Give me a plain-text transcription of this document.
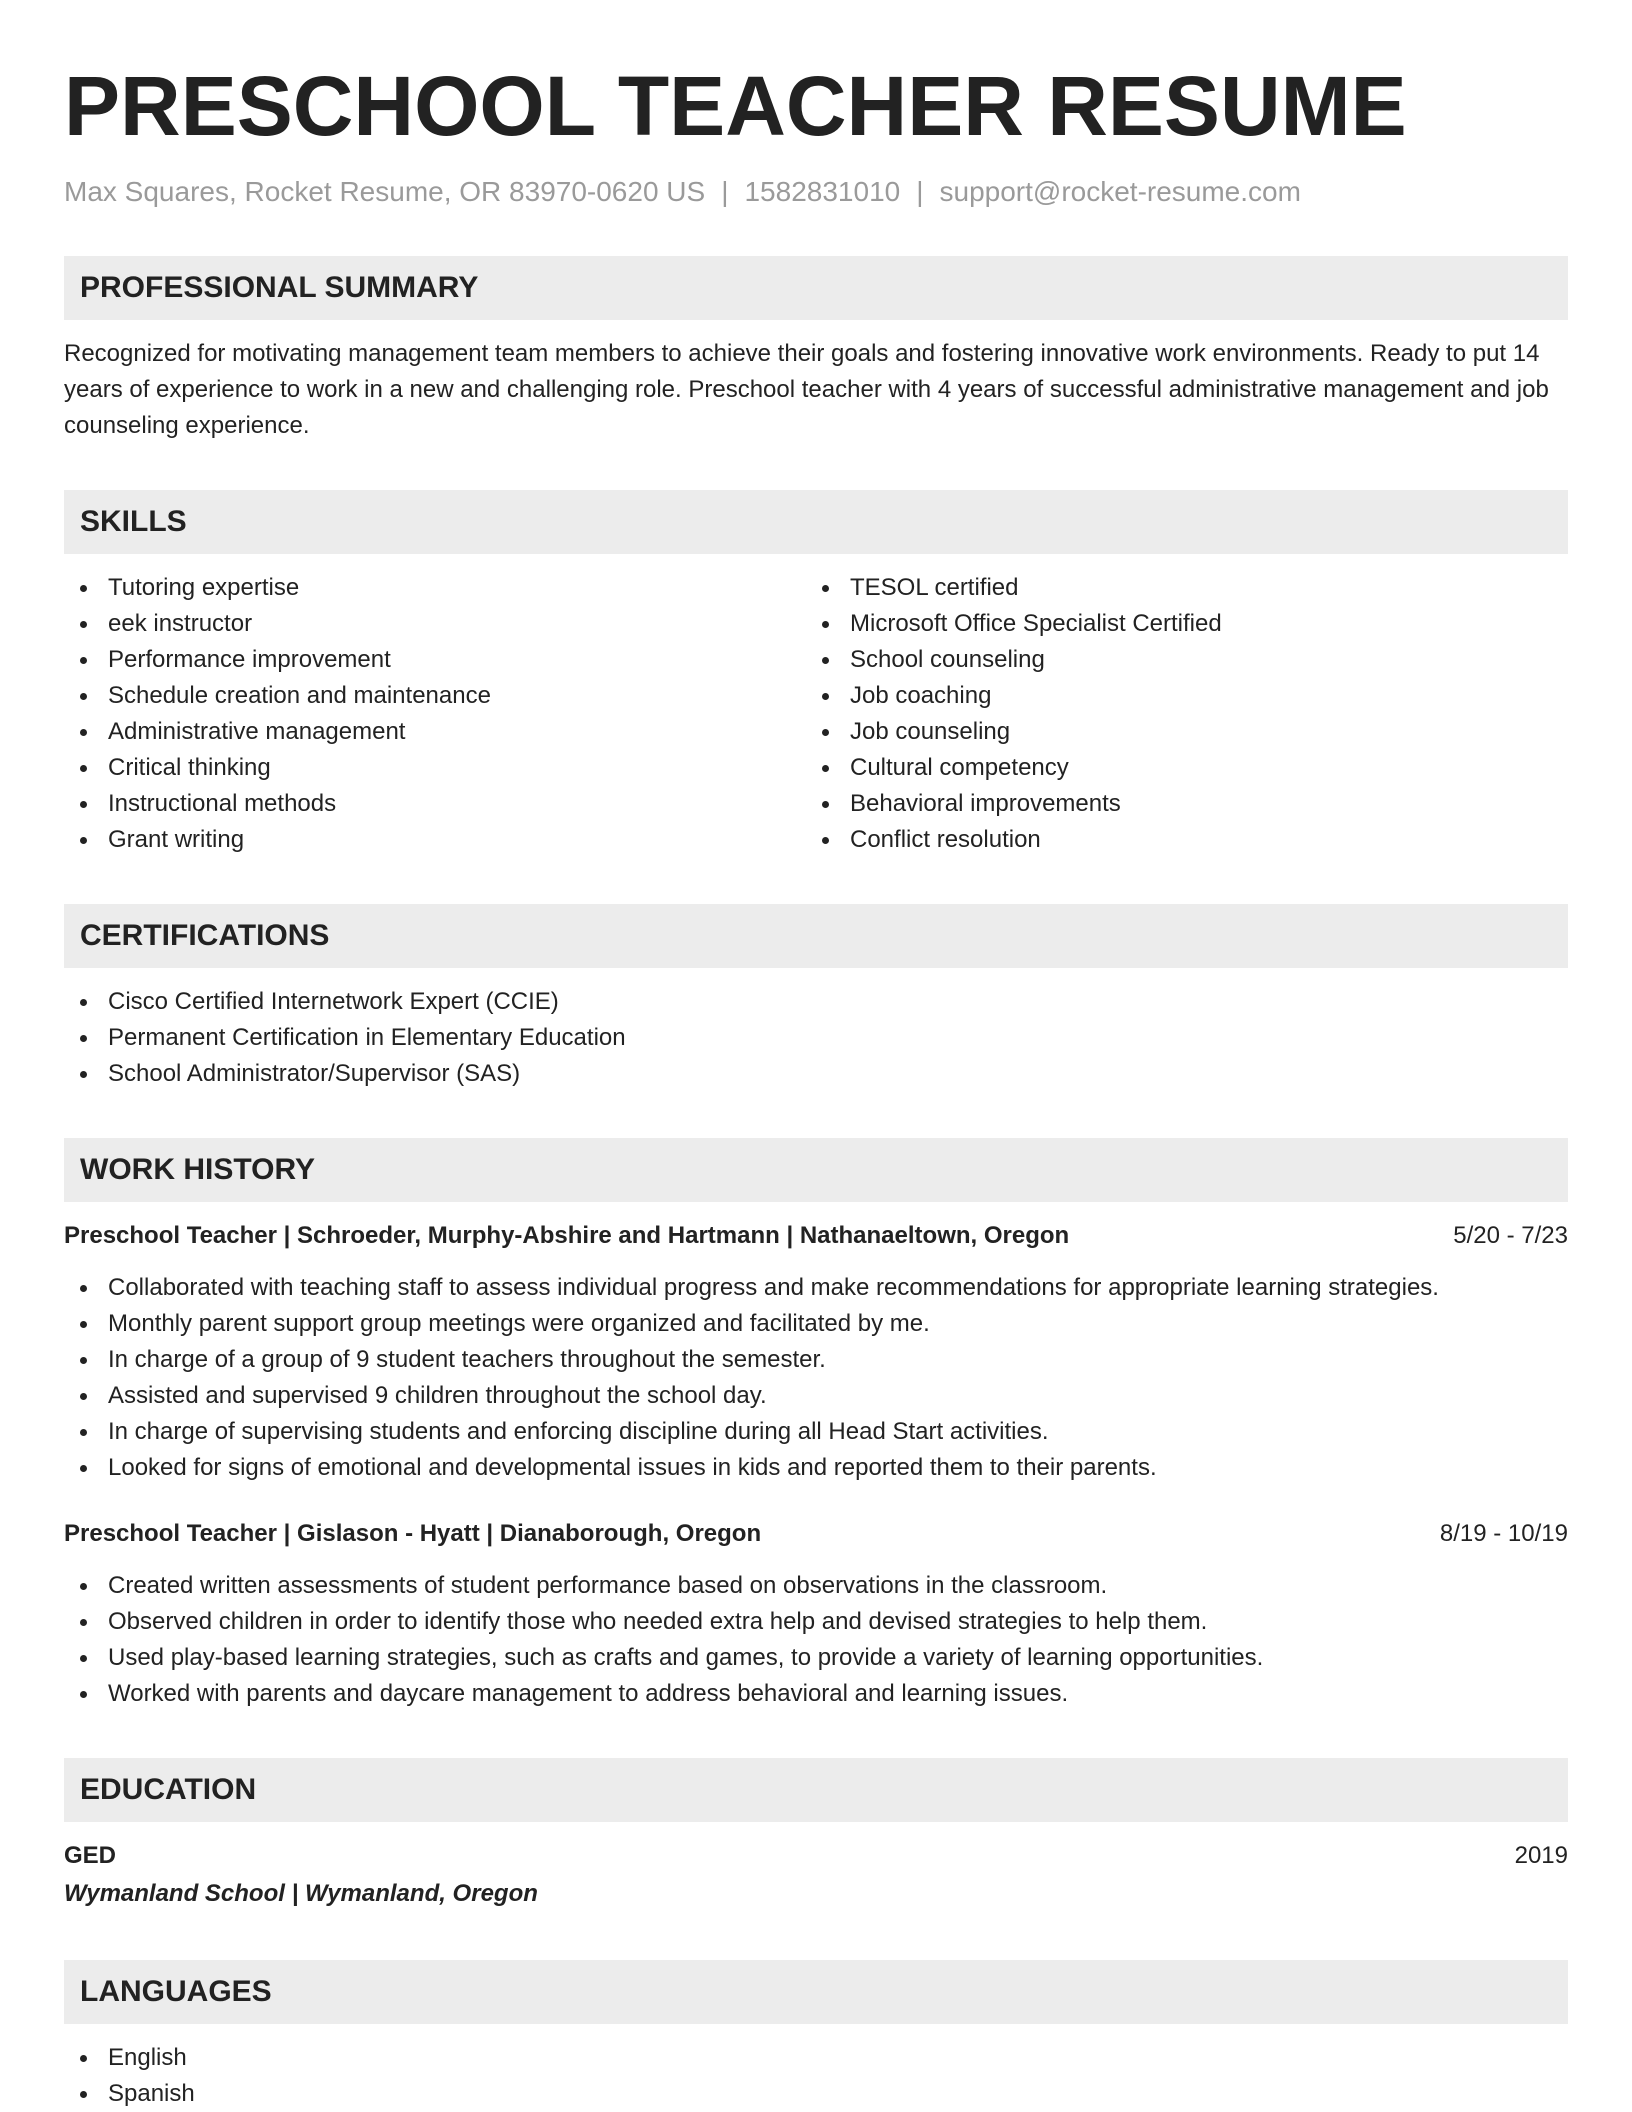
PRESCHOOL TEACHER RESUME
Max Squares, Rocket Resume, OR 83970-0620 US | 1582831010 | support@rocket-resume.com
PROFESSIONAL SUMMARY

Recognized for motivating management team members to achieve their goals and fostering innovative work environments. Ready to put 14 years of experience to work in a new and challenging role. Preschool teacher with 4 years of successful administrative management and job counseling experience.

SKILLS
Tutoring expertise
eek instructor
Performance improvement
Schedule creation and maintenance
Administrative management
Critical thinking
Instructional methods
Grant writing
TESOL certified
Microsoft Office Specialist Certified
School counseling
Job coaching
Job counseling
Cultural competency
Behavioral improvements
Conflict resolution
CERTIFICATIONS
Cisco Certified Internetwork Expert (CCIE)
Permanent Certification in Elementary Education
School Administrator/Supervisor (SAS)
WORK HISTORY
Preschool Teacher | Schroeder, Murphy-Abshire and Hartmann | Nathanaeltown, Oregon	5/20 - 7/23
Collaborated with teaching staff to assess individual progress and make recommendations for appropriate learning strategies.
Monthly parent support group meetings were organized and facilitated by me.
In charge of a group of 9 student teachers throughout the semester.
Assisted and supervised 9 children throughout the school day.
In charge of supervising students and enforcing discipline during all Head Start activities.
Looked for signs of emotional and developmental issues in kids and reported them to their parents.
Preschool Teacher | Gislason - Hyatt | Dianaborough, Oregon	8/19 - 10/19
Created written assessments of student performance based on observations in the classroom.
Observed children in order to identify those who needed extra help and devised strategies to help them.
Used play-based learning strategies, such as crafts and games, to provide a variety of learning opportunities.
Worked with parents and daycare management to address behavioral and learning issues.
EDUCATION
GED	2019
Wymanland School | Wymanland, Oregon
LANGUAGES
English
Spanish
